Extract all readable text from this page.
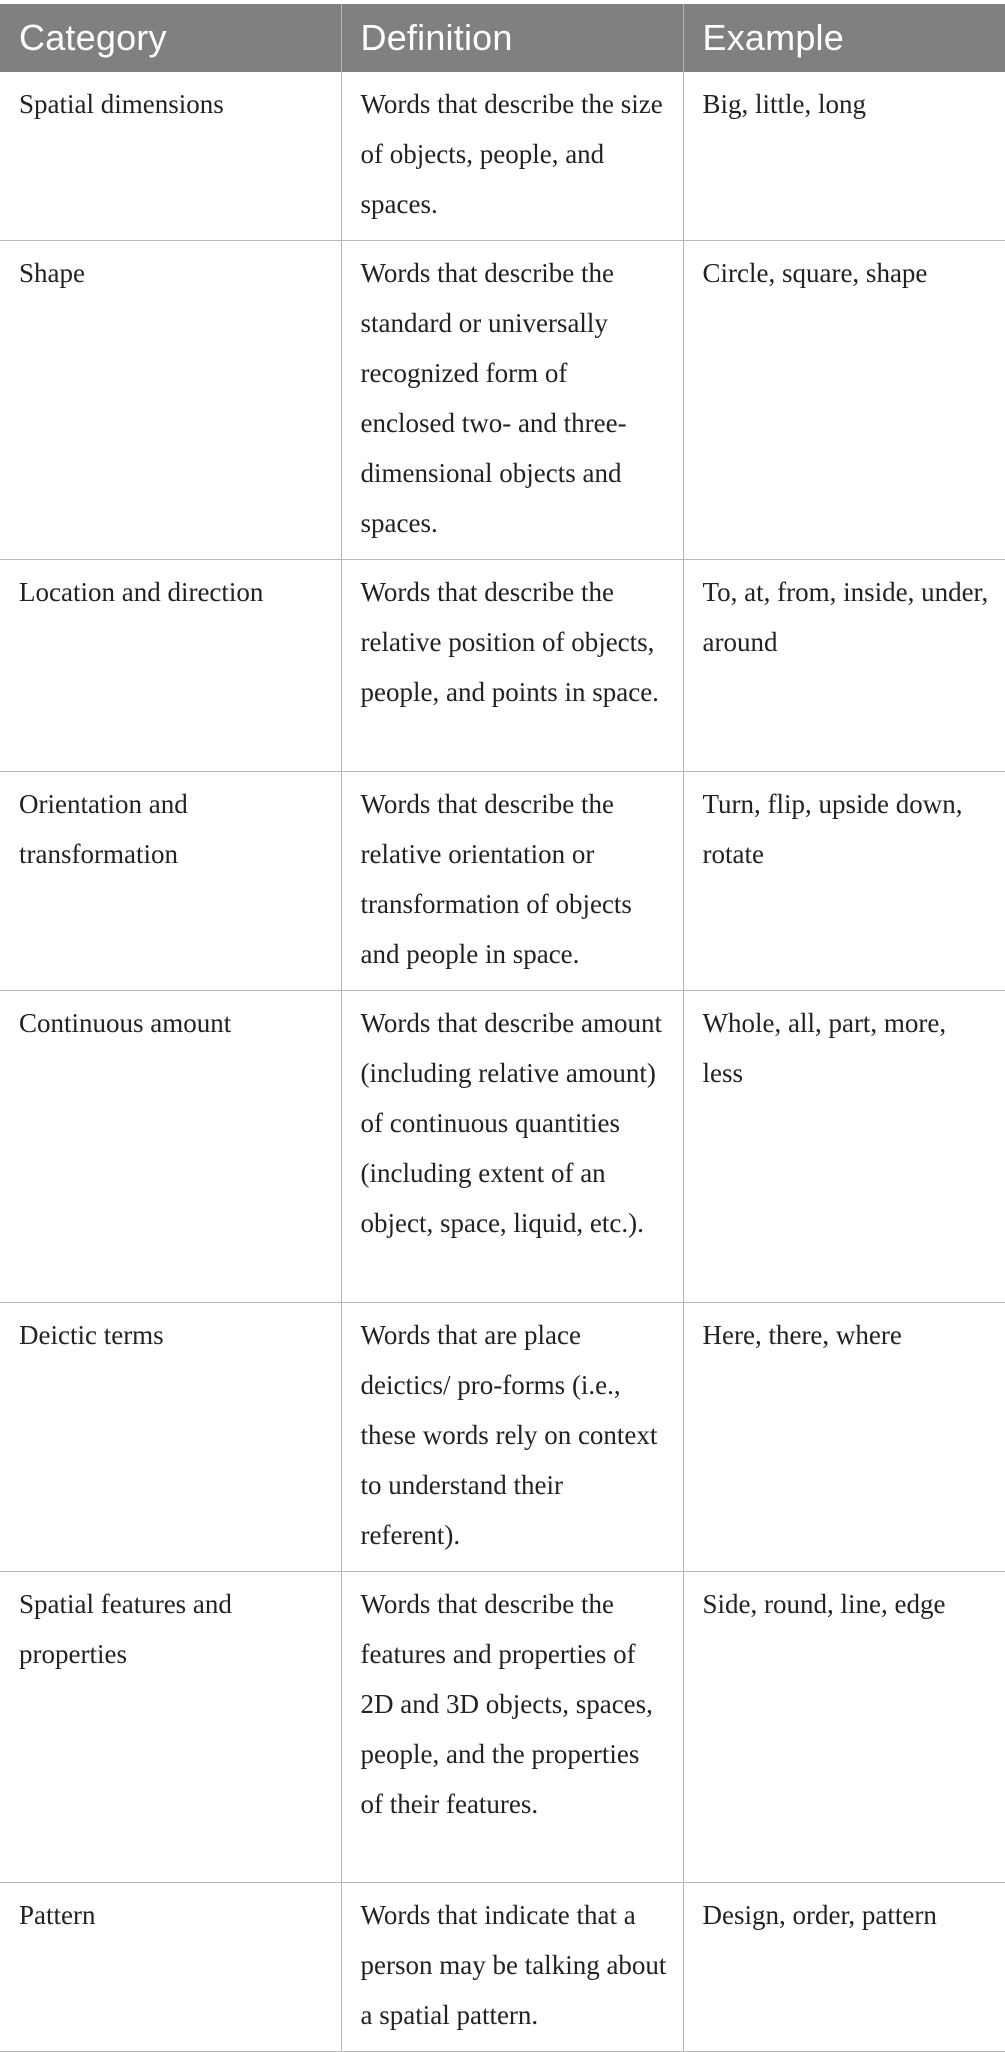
Category	Definition	Example
Spatial dimensions	Words that describe the size of objects, people, and spaces.	Big, little, long
Shape	Words that describe the standard or universally recognized form of enclosed two- and three-dimensional objects and spaces.	Circle, square, shape
Location and direction	Words that describe the relative position of objects, people, and points in space.	To, at, from, inside, under, around
Orientation and transformation	Words that describe the relative orientation or transformation of objects and people in space.	Turn, flip, upside down, rotate
Continuous amount	Words that describe amount (including relative amount) of continuous quantities (including extent of an object, space, liquid, etc.).	Whole, all, part, more, less
Deictic terms	Words that are place deictics/ pro-forms (i.e., these words rely on context to understand their referent).	Here, there, where
Spatial features and properties	Words that describe the features and properties of 2D and 3D objects, spaces, people, and the properties of their features.	Side, round, line, edge
Pattern	Words that indicate that a person may be talking about a spatial pattern.	Design, order, pattern
